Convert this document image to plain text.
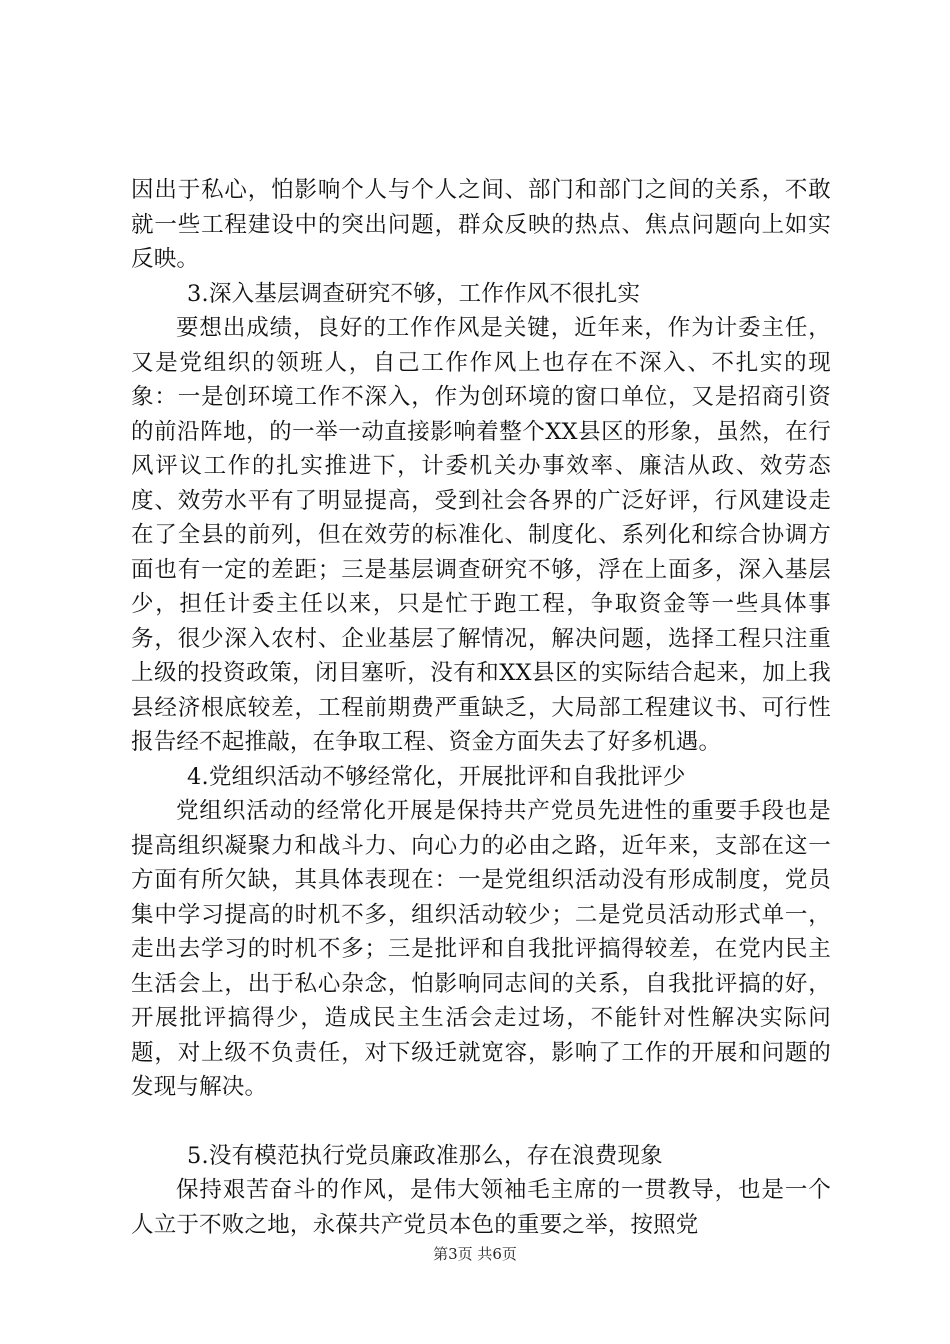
因出于私心，怕影响个人与个人之间、部门和部门之间的关系，不敢就一些工程建设中的突出问题，群众反映的热点、焦点问题向上如实反映。

3.深入基层调查研究不够，工作作风不很扎实

要想出成绩，良好的工作作风是关键，近年来，作为计委主任，又是党组织的领班人，自己工作作风上也存在不深入、不扎实的现象：一是创环境工作不深入，作为创环境的窗口单位，又是招商引资的前沿阵地，的一举一动直接影响着整个XX县区的形象，虽然，在行风评议工作的扎实推进下，计委机关办事效率、廉洁从政、效劳态度、效劳水平有了明显提高，受到社会各界的广泛好评，行风建设走在了全县的前列，但在效劳的标准化、制度化、系列化和综合协调方面也有一定的差距；三是基层调查研究不够，浮在上面多，深入基层少，担任计委主任以来，只是忙于跑工程，争取资金等一些具体事务，很少深入农村、企业基层了解情况，解决问题，选择工程只注重上级的投资政策，闭目塞听，没有和XX县区的实际结合起来，加上我县经济根底较差，工程前期费严重缺乏，大局部工程建议书、可行性报告经不起推敲，在争取工程、资金方面失去了好多机遇。

4.党组织活动不够经常化，开展批评和自我批评少

党组织活动的经常化开展是保持共产党员先进性的重要手段也是提高组织凝聚力和战斗力、向心力的必由之路，近年来，支部在这一方面有所欠缺，其具体表现在：一是党组织活动没有形成制度，党员集中学习提高的时机不多，组织活动较少；二是党员活动形式单一，走出去学习的时机不多；三是批评和自我批评搞得较差，在党内民主生活会上，出于私心杂念，怕影响同志间的关系，自我批评搞的好，开展批评搞得少，造成民主生活会走过场，不能针对性解决实际问题，对上级不负责任，对下级迁就宽容，影响了工作的开展和问题的发现与解决。

5.没有模范执行党员廉政准那么，存在浪费现象

保持艰苦奋斗的作风，是伟大领袖毛主席的一贯教导，也是一个人立于不败之地，永葆共产党员本色的重要之举，按照党

第3页 共6页
